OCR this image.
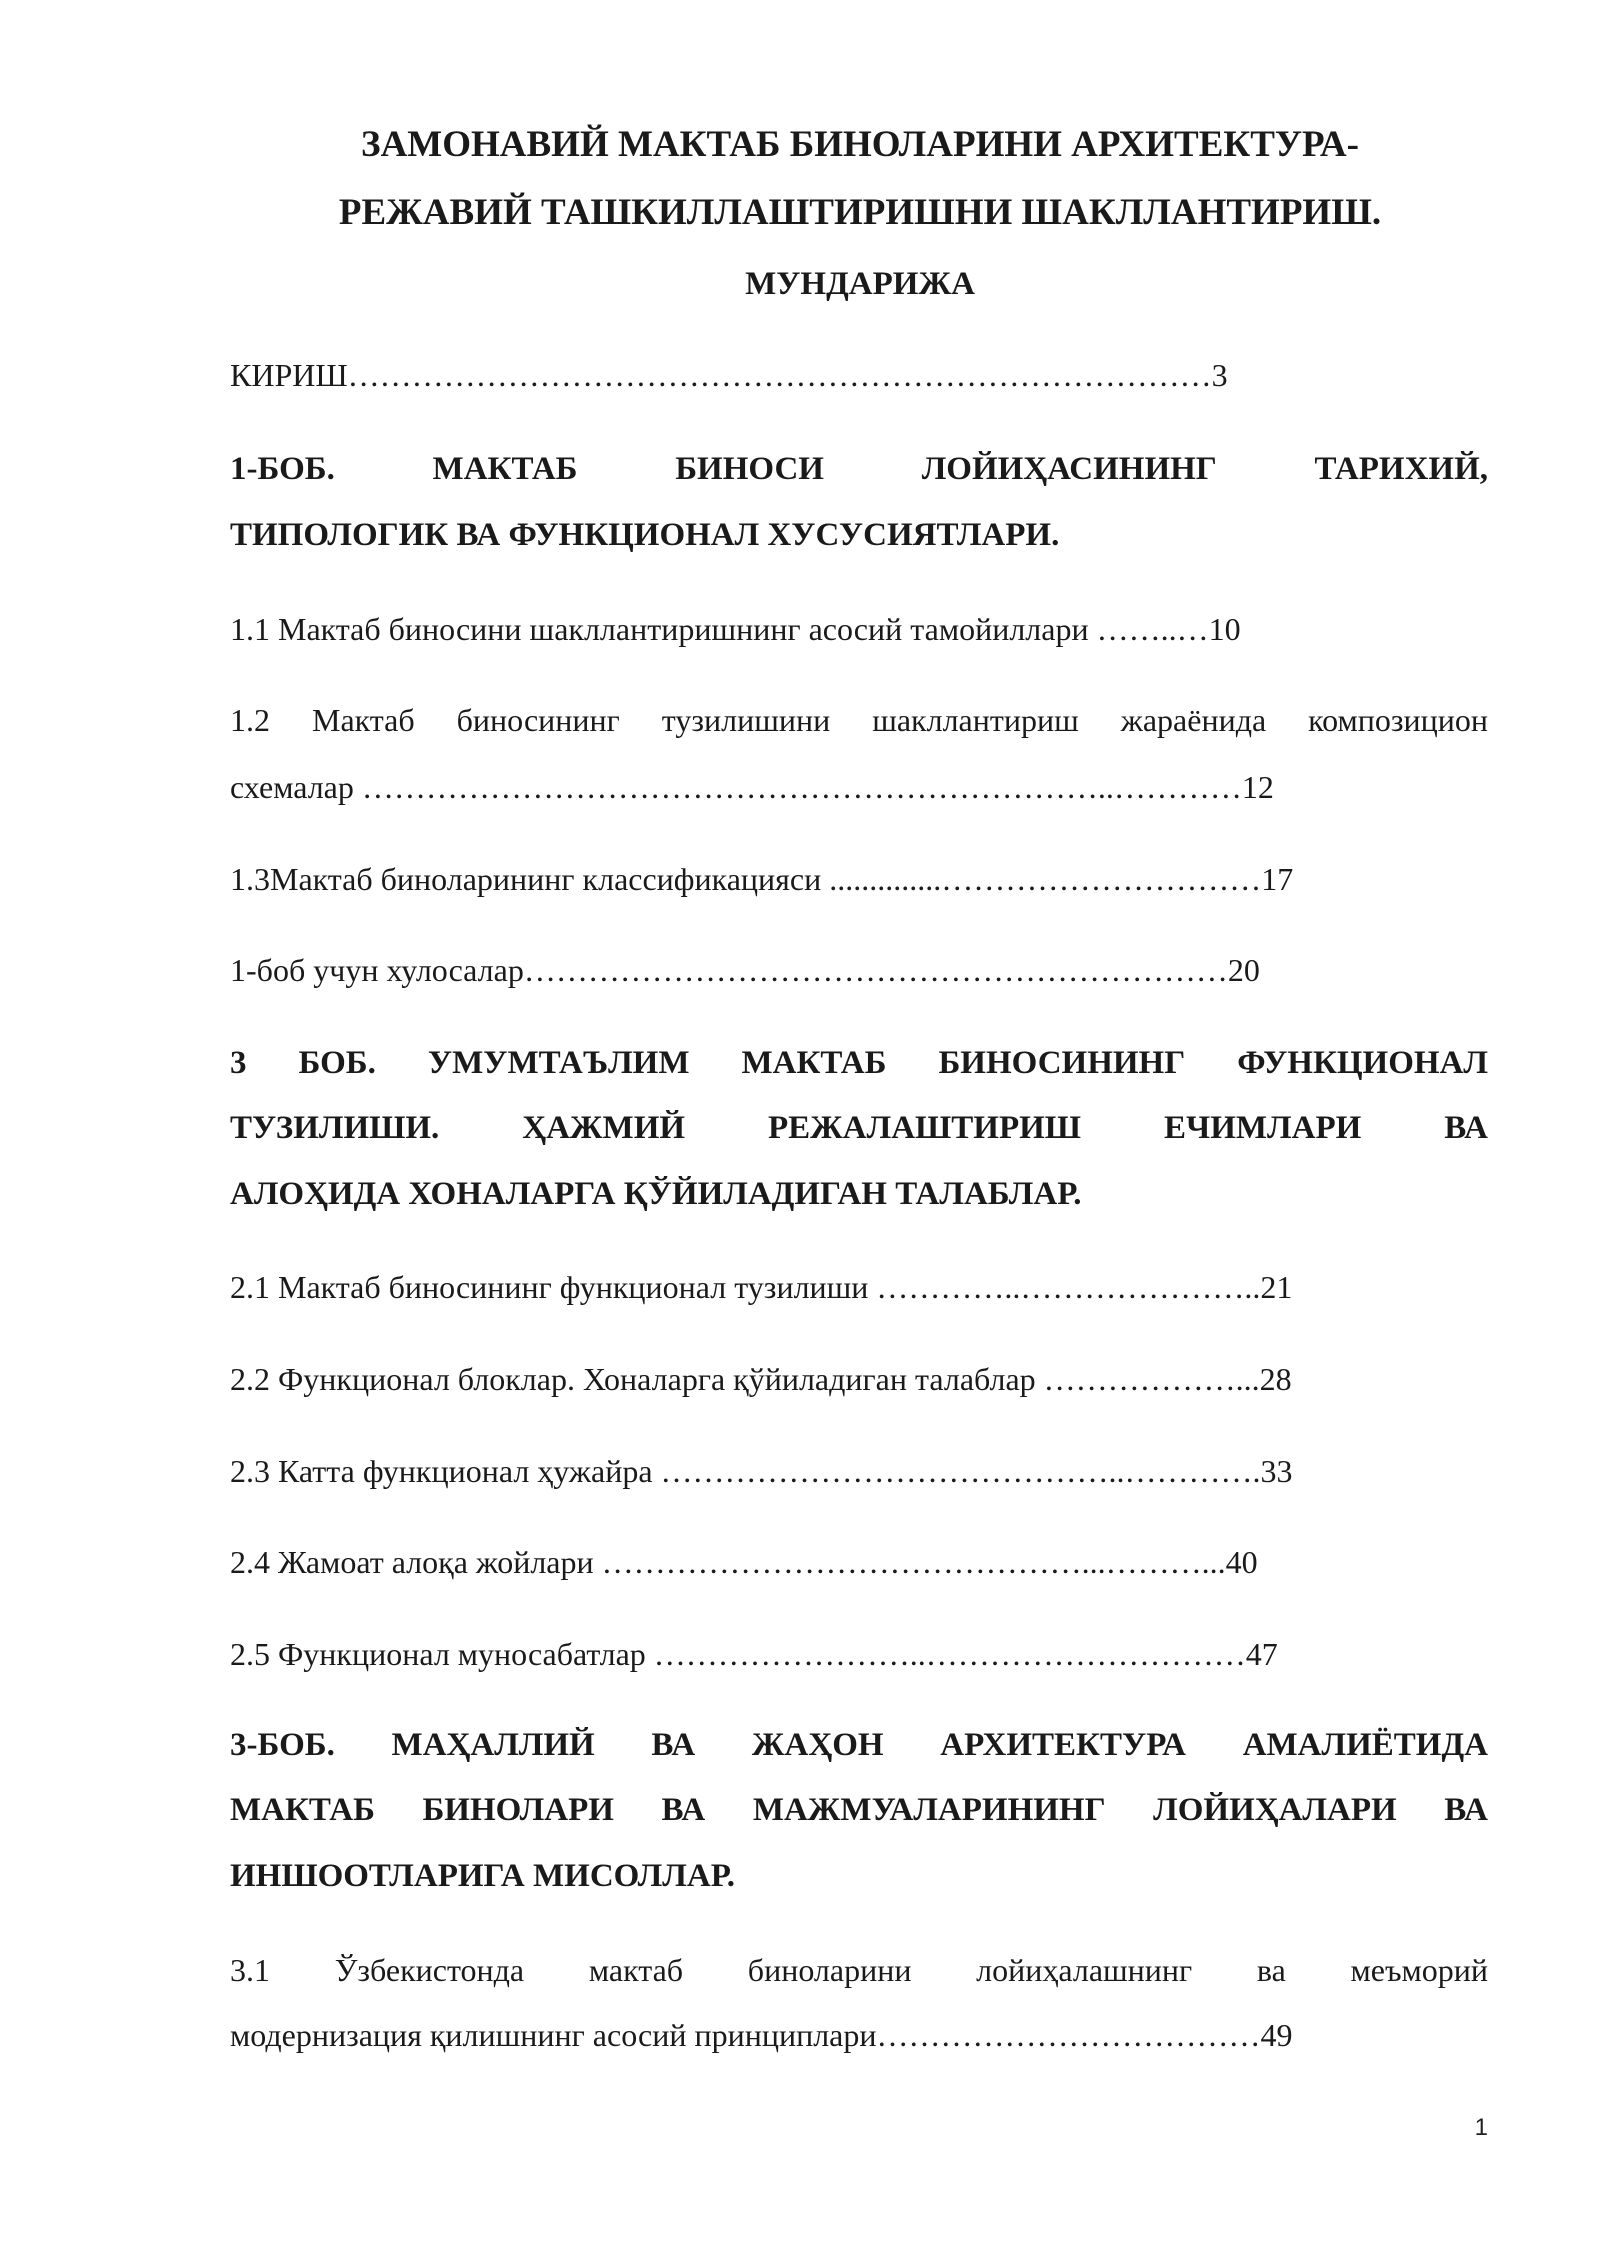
ЗАМОНАВИЙ МАКТАБ БИНОЛАРИНИ АРХИТЕКТУРА-

РЕЖАВИЙ ТАШКИЛЛАШТИРИШНИ ШАКЛЛАНТИРИШ.

МУНДАРИЖА

КИРИШ………………………………………………………………………3

1-БОБ. МАКТАБ БИНОСИ ЛОЙИҲАСИНИНГ ТАРИХИЙ,

ТИПОЛОГИК ВА ФУНКЦИОНАЛ ХУСУСИЯТЛАРИ.

1.1 Мактаб биносини шакллантиришнинг асосий тамойиллари ……..…10

1.2 Мактаб биносининг тузилишини шакллантириш жараёнида композицион

схемалар ……………………………………………………………..…………12

1.3Мактаб биноларининг классификацияси ..............…………………………17

1-боб учун хулосалар…………………………………………………………20

3 БОБ. УМУМТАЪЛИМ МАКТАБ БИНОСИНИНГ ФУНКЦИОНАЛ

ТУЗИЛИШИ. ҲАЖМИЙ РЕЖАЛАШТИРИШ ЕЧИМЛАРИ ВА

АЛОҲИДА ХОНАЛАРГА ҚЎЙИЛАДИГАН ТАЛАБЛАР.

2.1 Мактаб биносининг функционал тузилиши …………..…………………..21

2.2 Функционал блоклар. Хоналарга қўйиладиган талаблар ………………...28

2.3 Катта функционал ҳужайра ……………………………………..………….33

2.4 Жамоат алоқа жойлари ………………………………………...………...40

2.5 Функционал муносабатлар ……………………..…………………………47

3-БОБ. МАҲАЛЛИЙ ВА ЖАҲОН АРХИТЕКТУРА АМАЛИЁТИДА

МАКТАБ БИНОЛАРИ ВА МАЖМУАЛАРИНИНГ ЛОЙИҲАЛАРИ ВА

ИНШООТЛАРИГА МИСОЛЛАР.

3.1 Ўзбекистонда мактаб биноларини лойиҳалашнинг ва меъморий

модернизация қилишнинг асосий принциплари………………………………49

1
